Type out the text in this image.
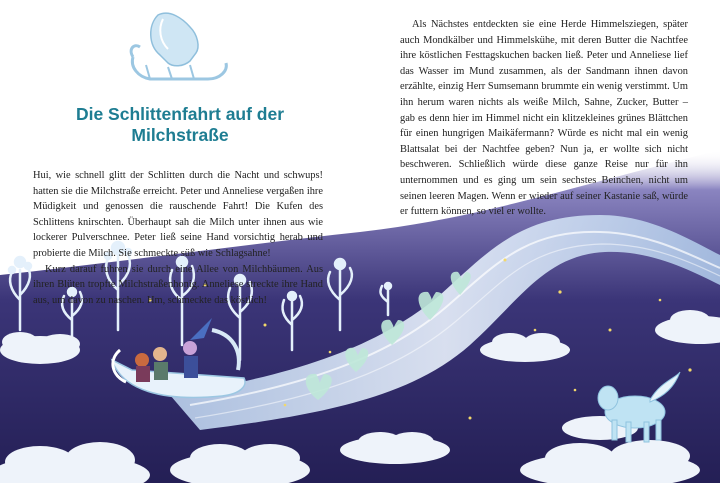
Die Schlittenfahrt auf der Milchstraße

Hui, wie schnell glitt der Schlitten durch die Nacht und schwups! hatten sie die Milchstraße erreicht. Peter und Anneliese vergaßen ihre Müdigkeit und genossen die rauschende Fahrt! Die Kufen des Schlittens knirschten. Überhaupt sah die Milch unter ihnen aus wie lockerer Pulverschnee. Peter ließ seine Hand vorsichtig herab und probierte die Milch. Sie schmeckte süß wie Schlagsahne!

Kurz darauf fuhren sie durch eine Allee von Milchbäumen. Aus ihren Blüten tropfte Milchstraßenhonig. Anneliese streckte ihre Hand aus, um davon zu naschen. Hm, schmeckte das köstlich!

Als Nächstes entdeckten sie eine Herde Himmelsziegen, später auch Mondkälber und Himmelskühe, mit deren Butter die Nachtfee ihre köstlichen Festtagskuchen backen ließ. Peter und Anneliese lief das Wasser im Mund zusammen, als der Sandmann ihnen davon erzählte, einzig Herr Sumsemann brummte ein wenig verstimmt. Um ihn herum waren nichts als weiße Milch, Sahne, Zucker, Butter – gab es denn hier im Himmel nicht ein klitzekleines grünes Blättchen für einen hungrigen Maikäfermann? Würde es nicht mal ein wenig Blattsalat bei der Nachtfee geben? Nun ja, er wollte sich nicht beschweren. Schließlich würde diese ganze Reise nur für ihn unternommen und es ging um sein sechstes Beinchen, nicht um seinen leeren Magen. Wenn er wieder auf seiner Kastanie saß, würde er futtern können, so viel er wollte.
